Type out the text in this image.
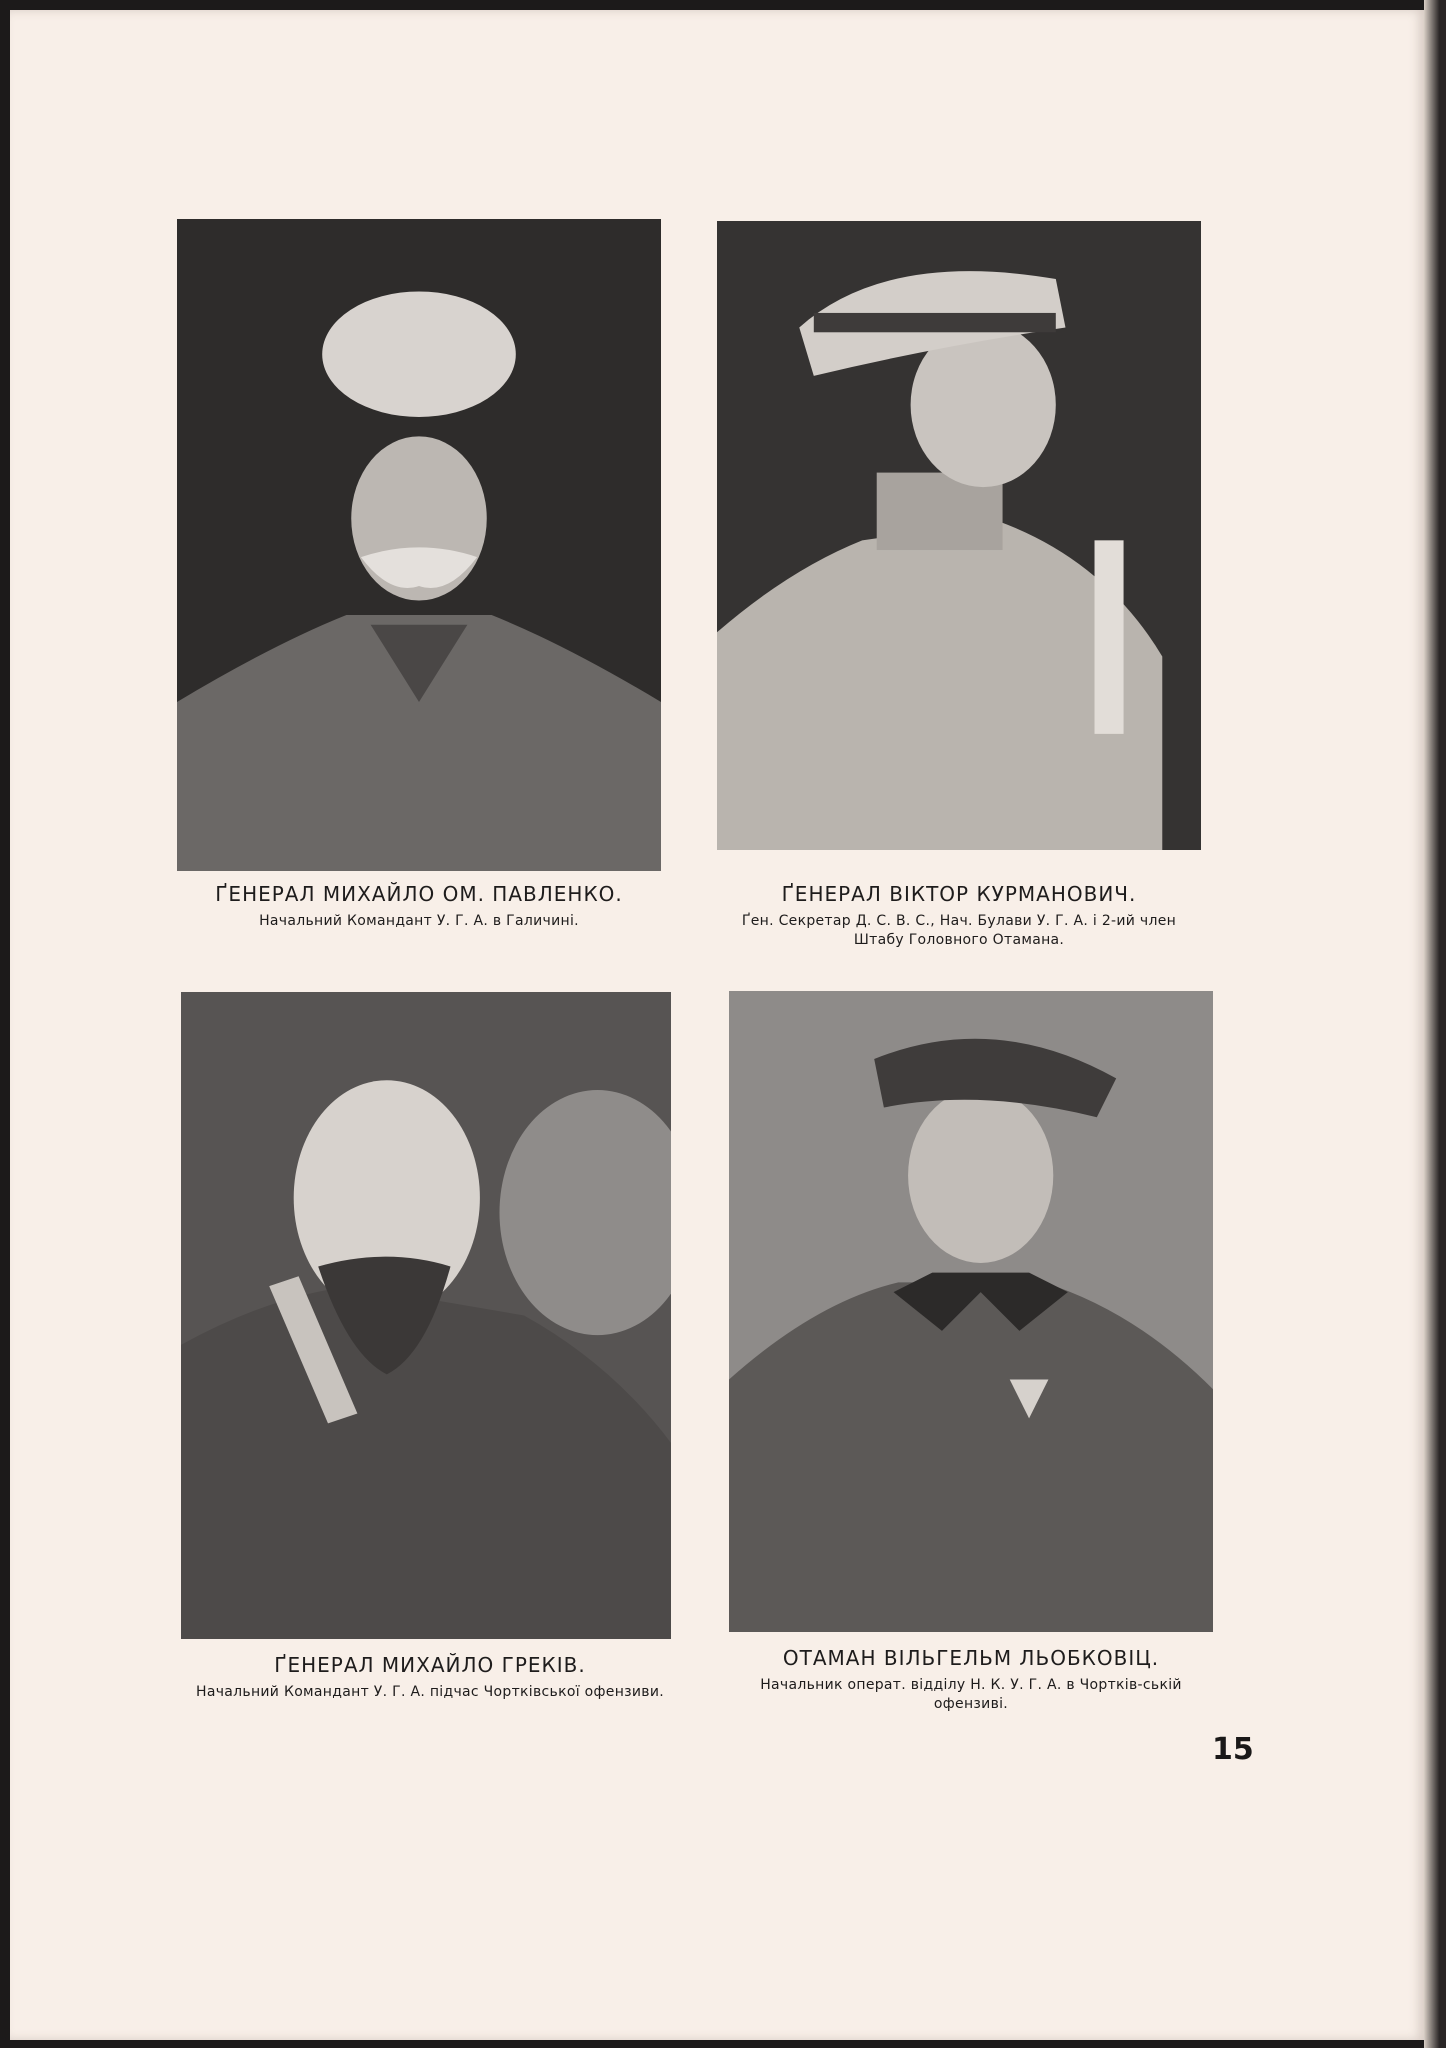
ҐЕНЕРАЛ МИХАЙЛО ОМ. ПАВЛЕНКО.
Начальний Командант У. Г. А. в Галичині.
ҐЕНЕРАЛ ВІКТОР КУРМАНОВИЧ.
Ґен. Секретар Д. С. В. С., Нач. Булави У. Г. А. і 2-ий член Штабу Головного Отамана.
ҐЕНЕРАЛ МИХАЙЛО ГРЕКІВ.
Начальний Командант У. Г. А. підчас Чортківської офензиви.
ОТАМАН ВІЛЬГЕЛЬМ ЛЬОБКОВІЦ.
Начальник операт. відділу Н. К. У. Г. А. в Чортків-ській офензиві.
15
